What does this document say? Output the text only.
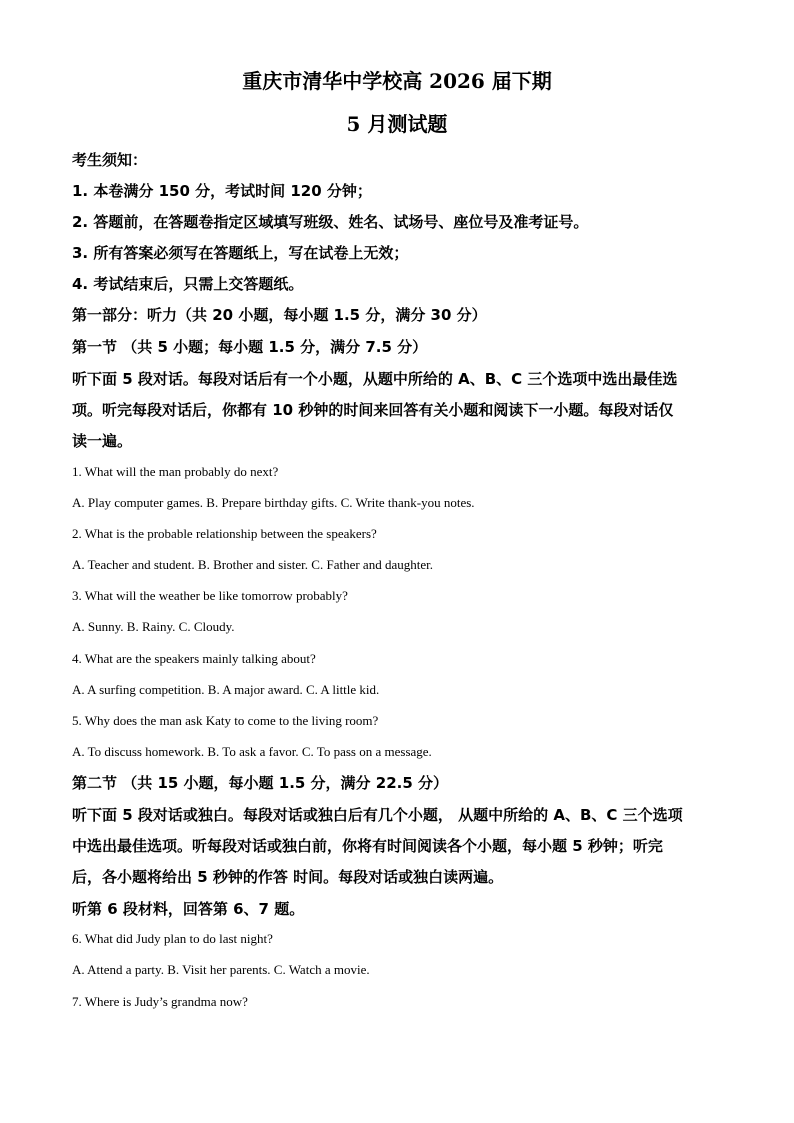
重庆市清华中学校高 2026 届下期
5 月测试题

考生须知：

1. 本卷满分 150 分，考试时间 120 分钟；

2. 答题前，在答题卷指定区域填写班级、姓名、试场号、座位号及准考证号。

3. 所有答案必须写在答题纸上，写在试卷上无效；

4. 考试结束后，只需上交答题纸。

第一部分：听力（共 20 小题，每小题 1.5 分，满分 30 分）

第一节 （共 5 小题；每小题 1.5 分，满分 7.5 分）

听下面 5 段对话。每段对话后有一个小题，从题中所给的 A、B、C 三个选项中选出最佳选

项。听完每段对话后，你都有 10 秒钟的时间来回答有关小题和阅读下一小题。每段对话仅

读一遍。

1. What will the man probably do next?

A. Play computer games. B. Prepare birthday gifts. C. Write thank-you notes.

2. What is the probable relationship between the speakers?

A. Teacher and student. B. Brother and sister. C. Father and daughter.

3. What will the weather be like tomorrow probably?

A. Sunny. B. Rainy. C. Cloudy.

4. What are the speakers mainly talking about?

A. A surfing competition. B. A major award. C. A little kid.

5. Why does the man ask Katy to come to the living room?

A. To discuss homework. B. To ask a favor. C. To pass on a message.

第二节 （共 15 小题，每小题 1.5 分，满分 22.5 分）

听下面 5 段对话或独白。每段对话或独白后有几个小题， 从题中所给的 A、B、C 三个选项

中选出最佳选项。听每段对话或独白前，你将有时间阅读各个小题，每小题 5 秒钟；听完

后，各小题将给出 5 秒钟的作答 时间。每段对话或独白读两遍。

听第 6 段材料，回答第 6、7 题。

6. What did Judy plan to do last night?

A. Attend a party. B. Visit her parents. C. Watch a movie.

7. Where is Judy’s grandma now?
